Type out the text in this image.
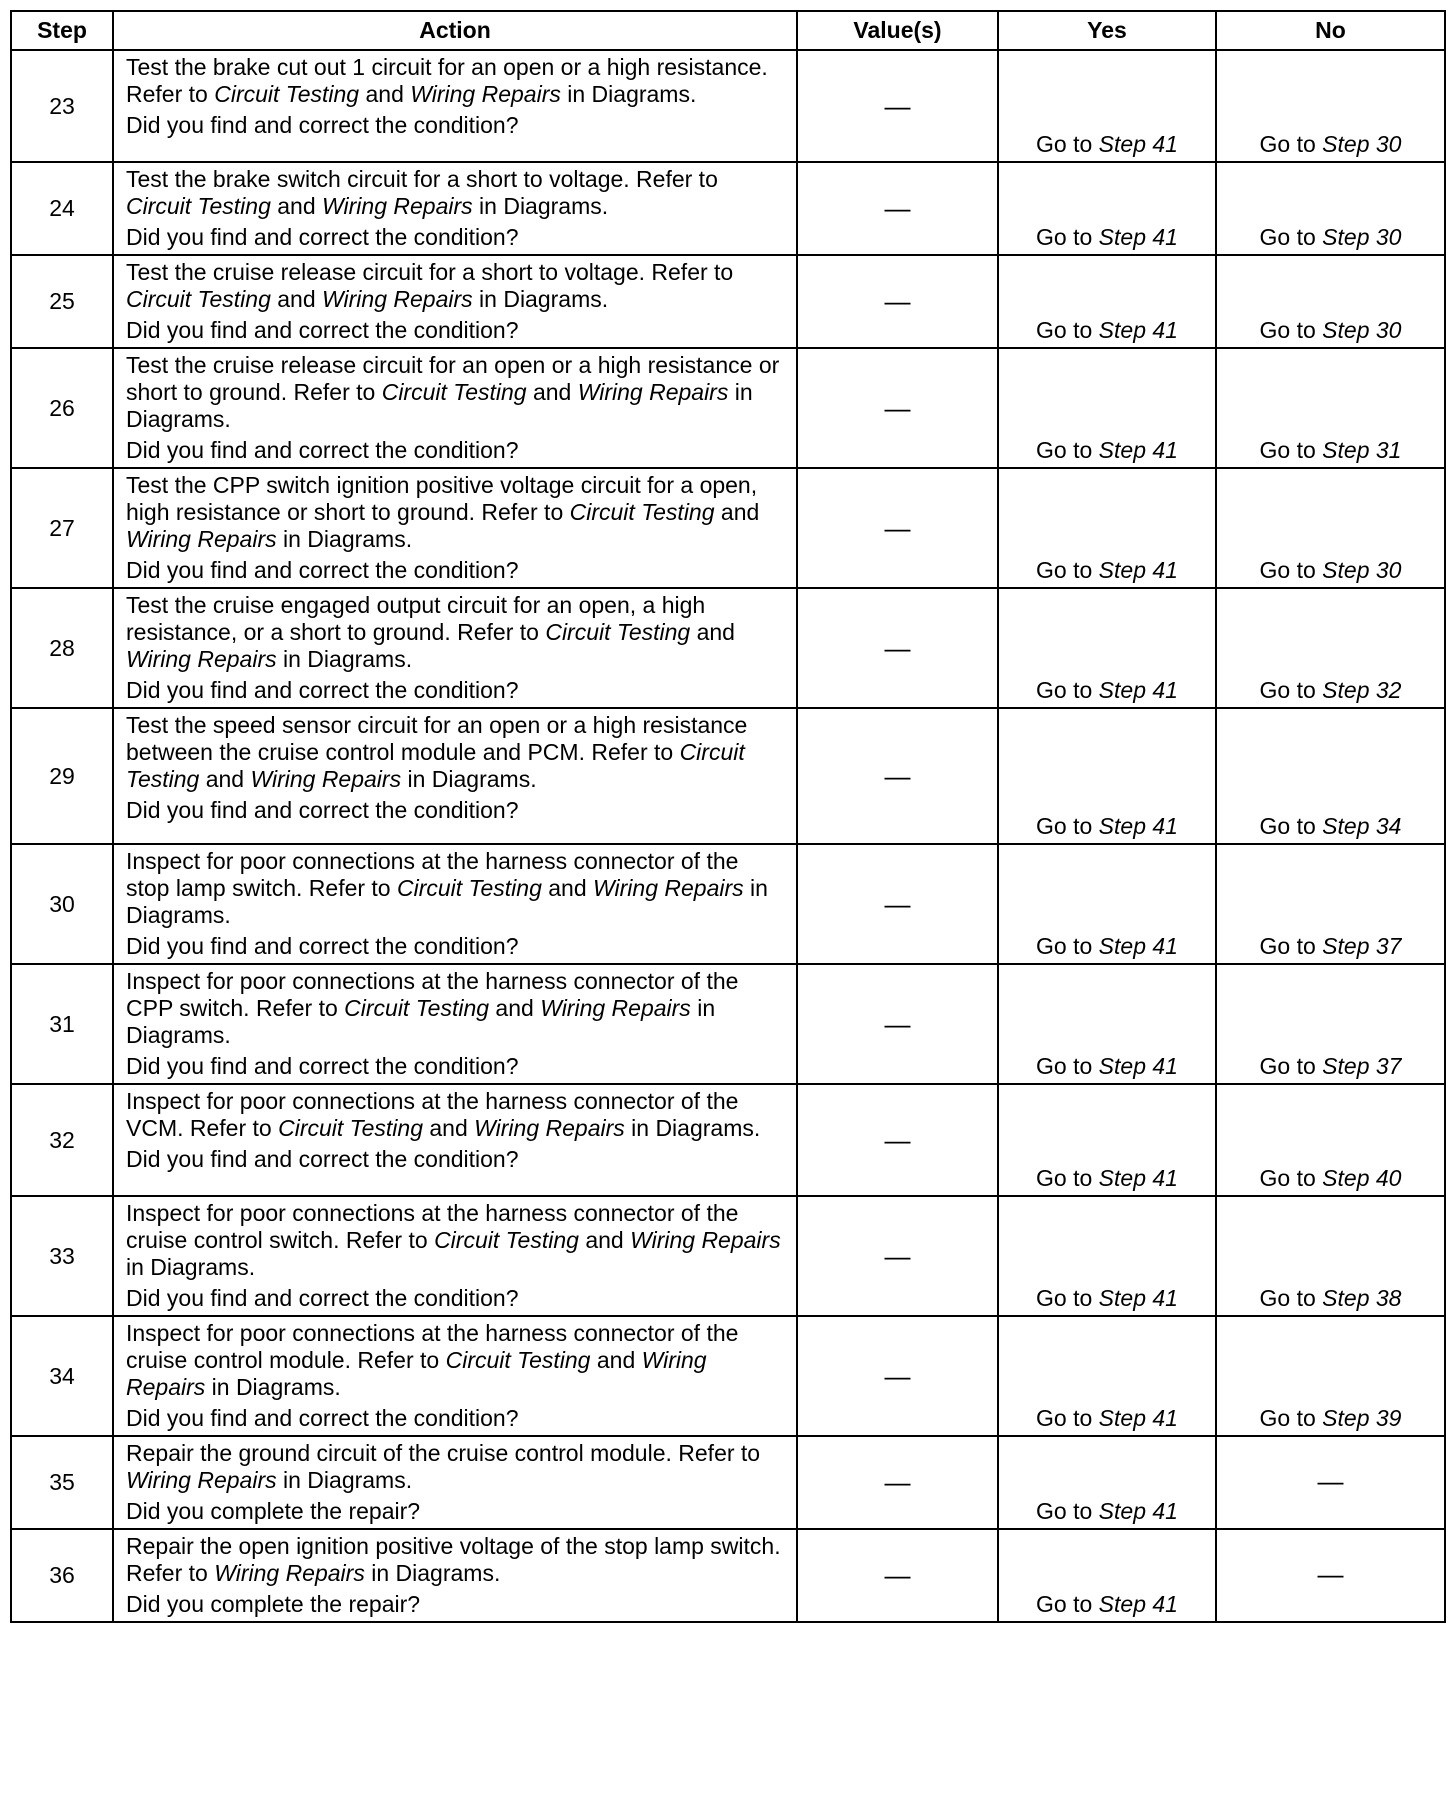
Step	Action	Value(s)	Yes	No
23	Test the brake cut out 1 circuit for an open or a high resistance. Refer to Circuit Testing and Wiring Repairs in Diagrams.
Did you find and correct the condition?	—	Go to Step 41	Go to Step 30
24	Test the brake switch circuit for a short to voltage. Refer to Circuit Testing and Wiring Repairs in Diagrams.
Did you find and correct the condition?	—	Go to Step 41	Go to Step 30
25	Test the cruise release circuit for a short to voltage. Refer to Circuit Testing and Wiring Repairs in Diagrams.
Did you find and correct the condition?	—	Go to Step 41	Go to Step 30
26	Test the cruise release circuit for an open or a high resistance or short to ground. Refer to Circuit Testing and Wiring Repairs in Diagrams.
Did you find and correct the condition?	—	Go to Step 41	Go to Step 31
27	Test the CPP switch ignition positive voltage circuit for a open, high resistance or short to ground. Refer to Circuit Testing and Wiring Repairs in Diagrams.
Did you find and correct the condition?	—	Go to Step 41	Go to Step 30
28	Test the cruise engaged output circuit for an open, a high resistance, or a short to ground. Refer to Circuit Testing and Wiring Repairs in Diagrams.
Did you find and correct the condition?	—	Go to Step 41	Go to Step 32
29	Test the speed sensor circuit for an open or a high resistance between the cruise control module and PCM. Refer to Circuit Testing and Wiring Repairs in Diagrams.
Did you find and correct the condition?	—	Go to Step 41	Go to Step 34
30	Inspect for poor connections at the harness connector of the stop lamp switch. Refer to Circuit Testing and Wiring Repairs in Diagrams.
Did you find and correct the condition?	—	Go to Step 41	Go to Step 37
31	Inspect for poor connections at the harness connector of the CPP switch. Refer to Circuit Testing and Wiring Repairs in Diagrams.
Did you find and correct the condition?	—	Go to Step 41	Go to Step 37
32	Inspect for poor connections at the harness connector of the VCM. Refer to Circuit Testing and Wiring Repairs in Diagrams.
Did you find and correct the condition?	—	Go to Step 41	Go to Step 40
33	Inspect for poor connections at the harness connector of the cruise control switch. Refer to Circuit Testing and Wiring Repairs in Diagrams.
Did you find and correct the condition?	—	Go to Step 41	Go to Step 38
34	Inspect for poor connections at the harness connector of the cruise control module. Refer to Circuit Testing and Wiring Repairs in Diagrams.
Did you find and correct the condition?	—	Go to Step 41	Go to Step 39
35	Repair the ground circuit of the cruise control module. Refer to Wiring Repairs in Diagrams.
Did you complete the repair?	—	Go to Step 41	—
36	Repair the open ignition positive voltage of the stop lamp switch. Refer to Wiring Repairs in Diagrams.
Did you complete the repair?	—	Go to Step 41	—
